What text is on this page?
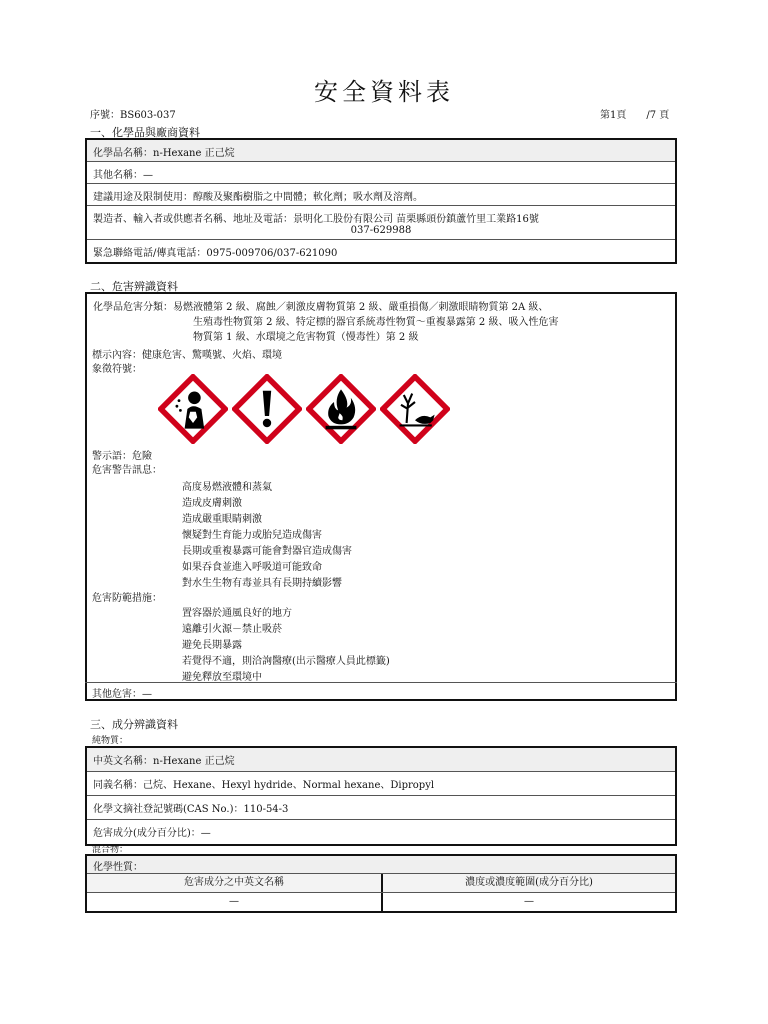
安全資料表
序號：BS603-037	第1頁 /7 頁
一、化學品與廠商資料
化學品名稱：n-Hexane 正己烷
其他名稱：—
建議用途及限制使用：醇酸及聚酯樹脂之中間體；軟化劑；吸水劑及溶劑。
製造者、輸入者或供應者名稱、地址及電話：景明化工股份有限公司 苗栗縣頭份鎮蘆竹里工業路16號
037-629988
緊急聯絡電話/傳真電話：0975-009706/037-621090
二、危害辨識資料
化學品危害分類：易燃液體第 2 級、腐蝕／刺激皮膚物質第 2 級、嚴重損傷／刺激眼睛物質第 2A 級、
生殖毒性物質第 2 級、特定標的器官系統毒性物質～重複暴露第 2 級、吸入性危害
物質第 1 級、水環境之危害物質（慢毒性）第 2 級
標示內容：健康危害、驚嘆號、火焰、環境
象徵符號：
警示語：危險
危害警告訊息：
高度易燃液體和蒸氣
造成皮膚刺激
造成嚴重眼睛刺激
懷疑對生育能力或胎兒造成傷害
長期或重複暴露可能會對器官造成傷害
如果吞食並進入呼吸道可能致命
對水生生物有毒並具有長期持續影響
危害防範措施：
置容器於通風良好的地方
遠離引火源－禁止吸菸
避免長期暴露
若覺得不適，則洽詢醫療(出示醫療人員此標籤)
避免釋放至環境中
其他危害：—
三、成分辨識資料
純物質：
中英文名稱：n-Hexane 正己烷
同義名稱：己烷、Hexane、Hexyl hydride、Normal hexane、Dipropyl
化學文摘社登記號碼(CAS No.)：110-54-3
危害成分(成分百分比)：—
混合物：
化學性質：
危害成分之中英文名稱	濃度或濃度範圍(成分百分比)
—	—
